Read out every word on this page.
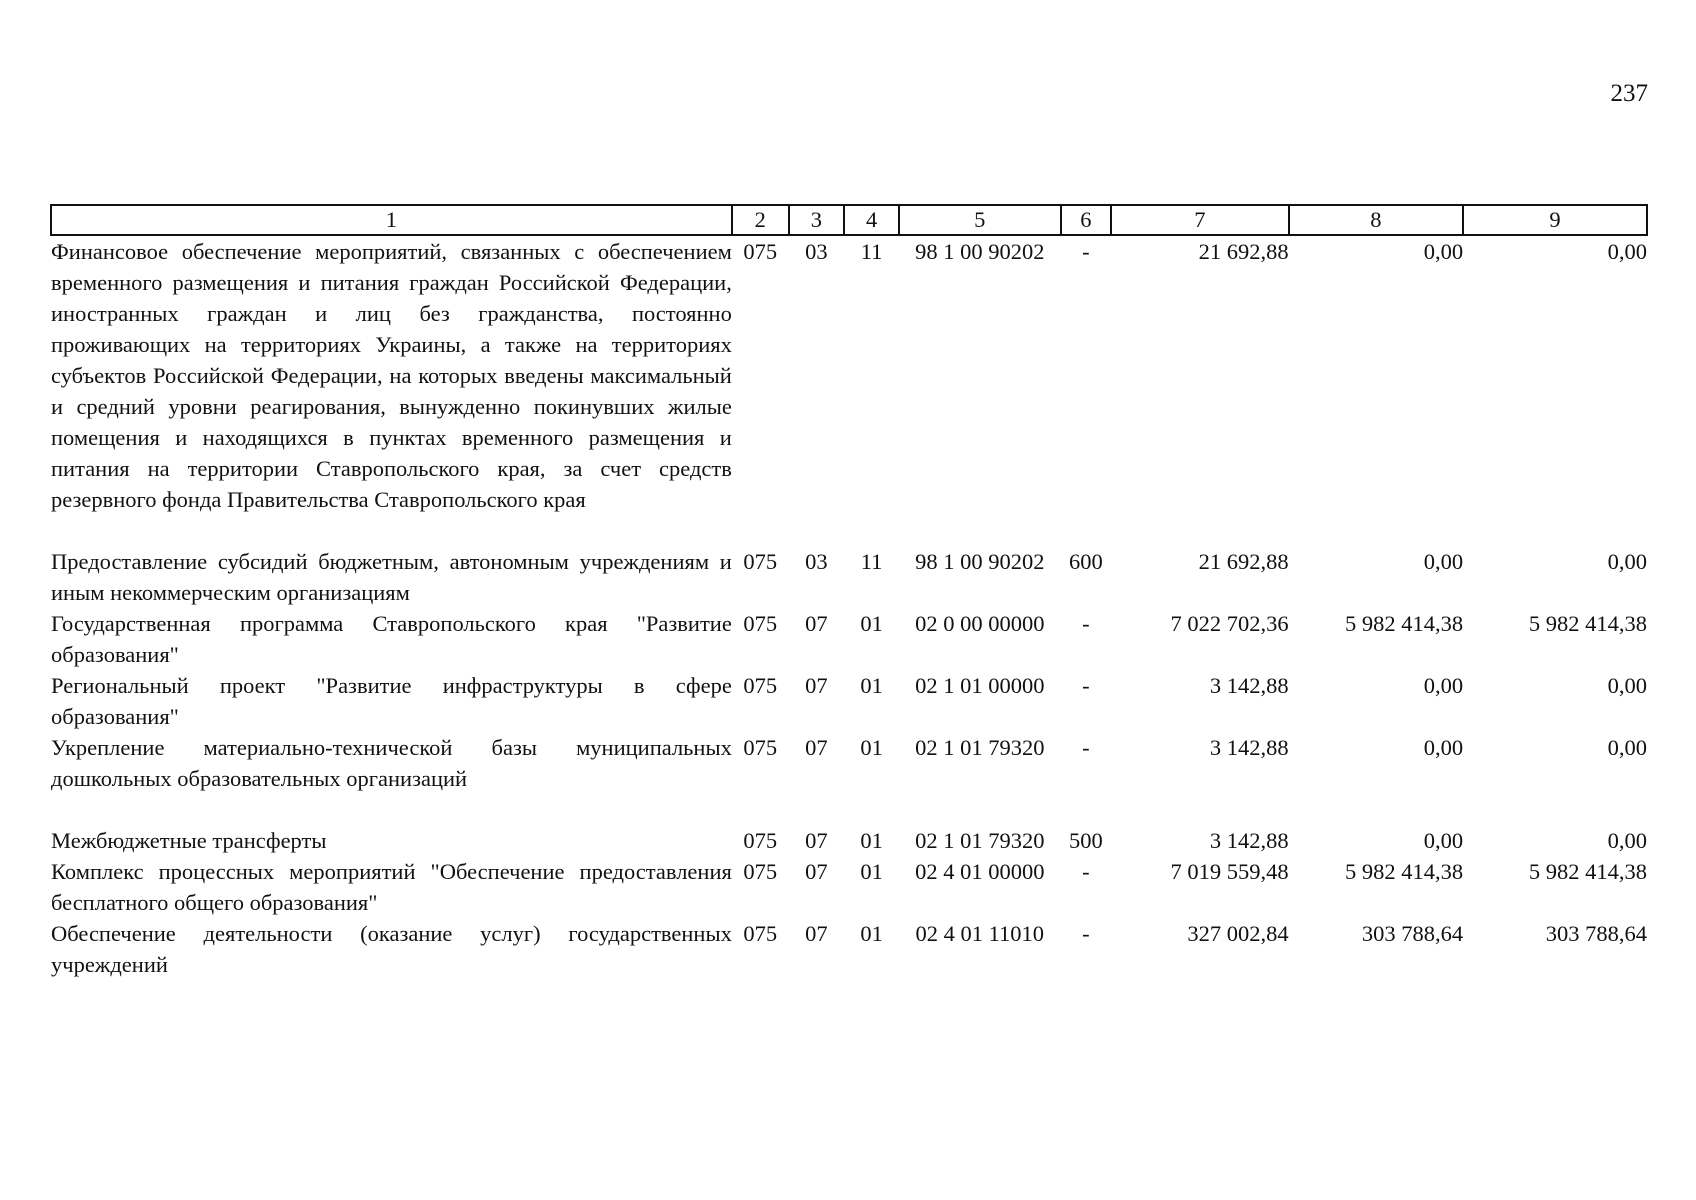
237
1	2	3	4	5	6	7	8	9
Финансовое обеспечение мероприятий, связанных с обеспечением временного размещения и питания граждан Российской Федерации, иностранных граждан и лиц без гражданства, постоянно проживающих на территориях Украины, а также на территориях субъектов Российской Федерации, на которых введены максимальный и средний уровни реагирования, вынужденно покинувших жилые помещения и находящихся в пунктах временного размещения и питания на территории Ставропольского края, за счет средств резервного фонда Правительства Ставропольского края	075	03	11	98 1 00 90202	-	21 692,88	0,00	0,00
Предоставление субсидий бюджетным, автономным учреждениям и иным некоммерческим организациям	075	03	11	98 1 00 90202	600	21 692,88	0,00	0,00
Государственная программа Ставропольского края "Развитие образования"	075	07	01	02 0 00 00000	-	7 022 702,36	5 982 414,38	5 982 414,38
Региональный проект "Развитие инфраструктуры в сфере образования"	075	07	01	02 1 01 00000	-	3 142,88	0,00	0,00
Укрепление материально-технической базы муниципальных дошкольных образовательных организаций	075	07	01	02 1 01 79320	-	3 142,88	0,00	0,00
Межбюджетные трансферты	075	07	01	02 1 01 79320	500	3 142,88	0,00	0,00
Комплекс процессных мероприятий "Обеспечение предоставления бесплатного общего образования"	075	07	01	02 4 01 00000	-	7 019 559,48	5 982 414,38	5 982 414,38
Обеспечение деятельности (оказание услуг) государственных учреждений	075	07	01	02 4 01 11010	-	327 002,84	303 788,64	303 788,64
